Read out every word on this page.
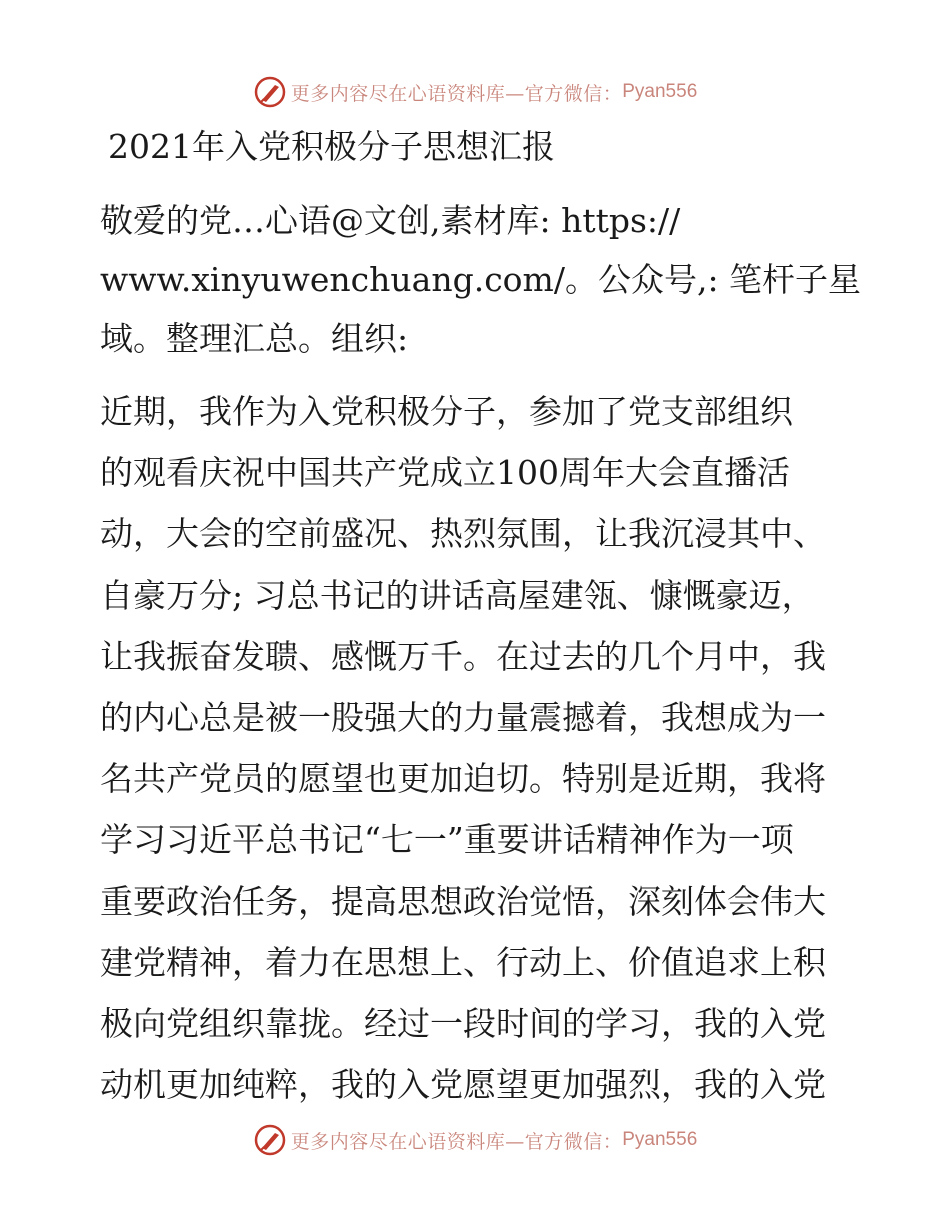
更多内容尽在心语资料库—官方微信： Pyan556
2021年入党积极分子思想汇报
敬爱的党…心语@文创,素材库: https://
www.xinyuwenchuang.com/。公众号,: 笔杆子星
域。整理汇总。组织:
近期，我作为入党积极分子，参加了党支部组织
的观看庆祝中国共产党成立100周年大会直播活
动，大会的空前盛况、热烈氛围，让我沉浸其中、
自豪万分; 习总书记的讲话高屋建瓴、慷慨豪迈，
让我振奋发聩、感慨万千。在过去的几个月中，我
的内心总是被一股强大的力量震撼着，我想成为一
名共产党员的愿望也更加迫切。特别是近期，我将
学习习近平总书记“七一”重要讲话精神作为一项
重要政治任务，提高思想政治觉悟，深刻体会伟大
建党精神，着力在思想上、行动上、价值追求上积
极向党组织靠拢。经过一段时间的学习，我的入党
动机更加纯粹，我的入党愿望更加强烈，我的入党
更多内容尽在心语资料库—官方微信： Pyan556
